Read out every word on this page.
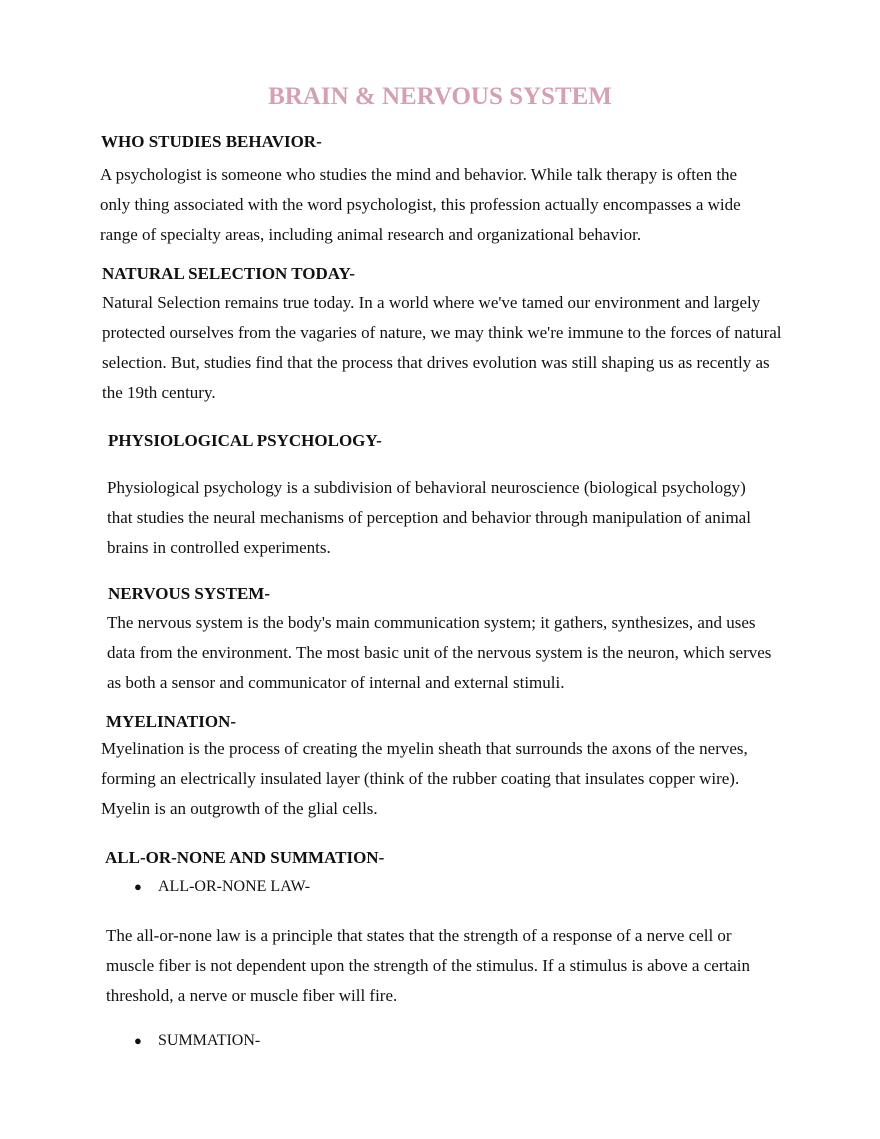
BRAIN & NERVOUS SYSTEM
WHO STUDIES BEHAVIOR-

A psychologist is someone who studies the mind and behavior. While talk therapy is often the only thing associated with the word psychologist, this profession actually encompasses a wide range of specialty areas, including animal research and organizational behavior.

NATURAL SELECTION TODAY-

Natural Selection remains true today. In a world where we've tamed our environment and largely protected ourselves from the vagaries of nature, we may think we're immune to the forces of natural selection. But, studies find that the process that drives evolution was still shaping us as recently as the 19th century.

PHYSIOLOGICAL PSYCHOLOGY-

Physiological psychology is a subdivision of behavioral neuroscience (biological psychology) that studies the neural mechanisms of perception and behavior through manipulation of animal brains in controlled experiments.

NERVOUS SYSTEM-

The nervous system is the body's main communication system; it gathers, synthesizes, and uses data from the environment. The most basic unit of the nervous system is the neuron, which serves as both a sensor and communicator of internal and external stimuli.

MYELINATION-

Myelination is the process of creating the myelin sheath that surrounds the axons of the nerves, forming an electrically insulated layer (think of the rubber coating that insulates copper wire). Myelin is an outgrowth of the glial cells.

ALL-OR-NONE AND SUMMATION-
● ALL-OR-NONE LAW-

The all-or-none law is a principle that states that the strength of a response of a nerve cell or muscle fiber is not dependent upon the strength of the stimulus. If a stimulus is above a certain threshold, a nerve or muscle fiber will fire.

● SUMMATION-
